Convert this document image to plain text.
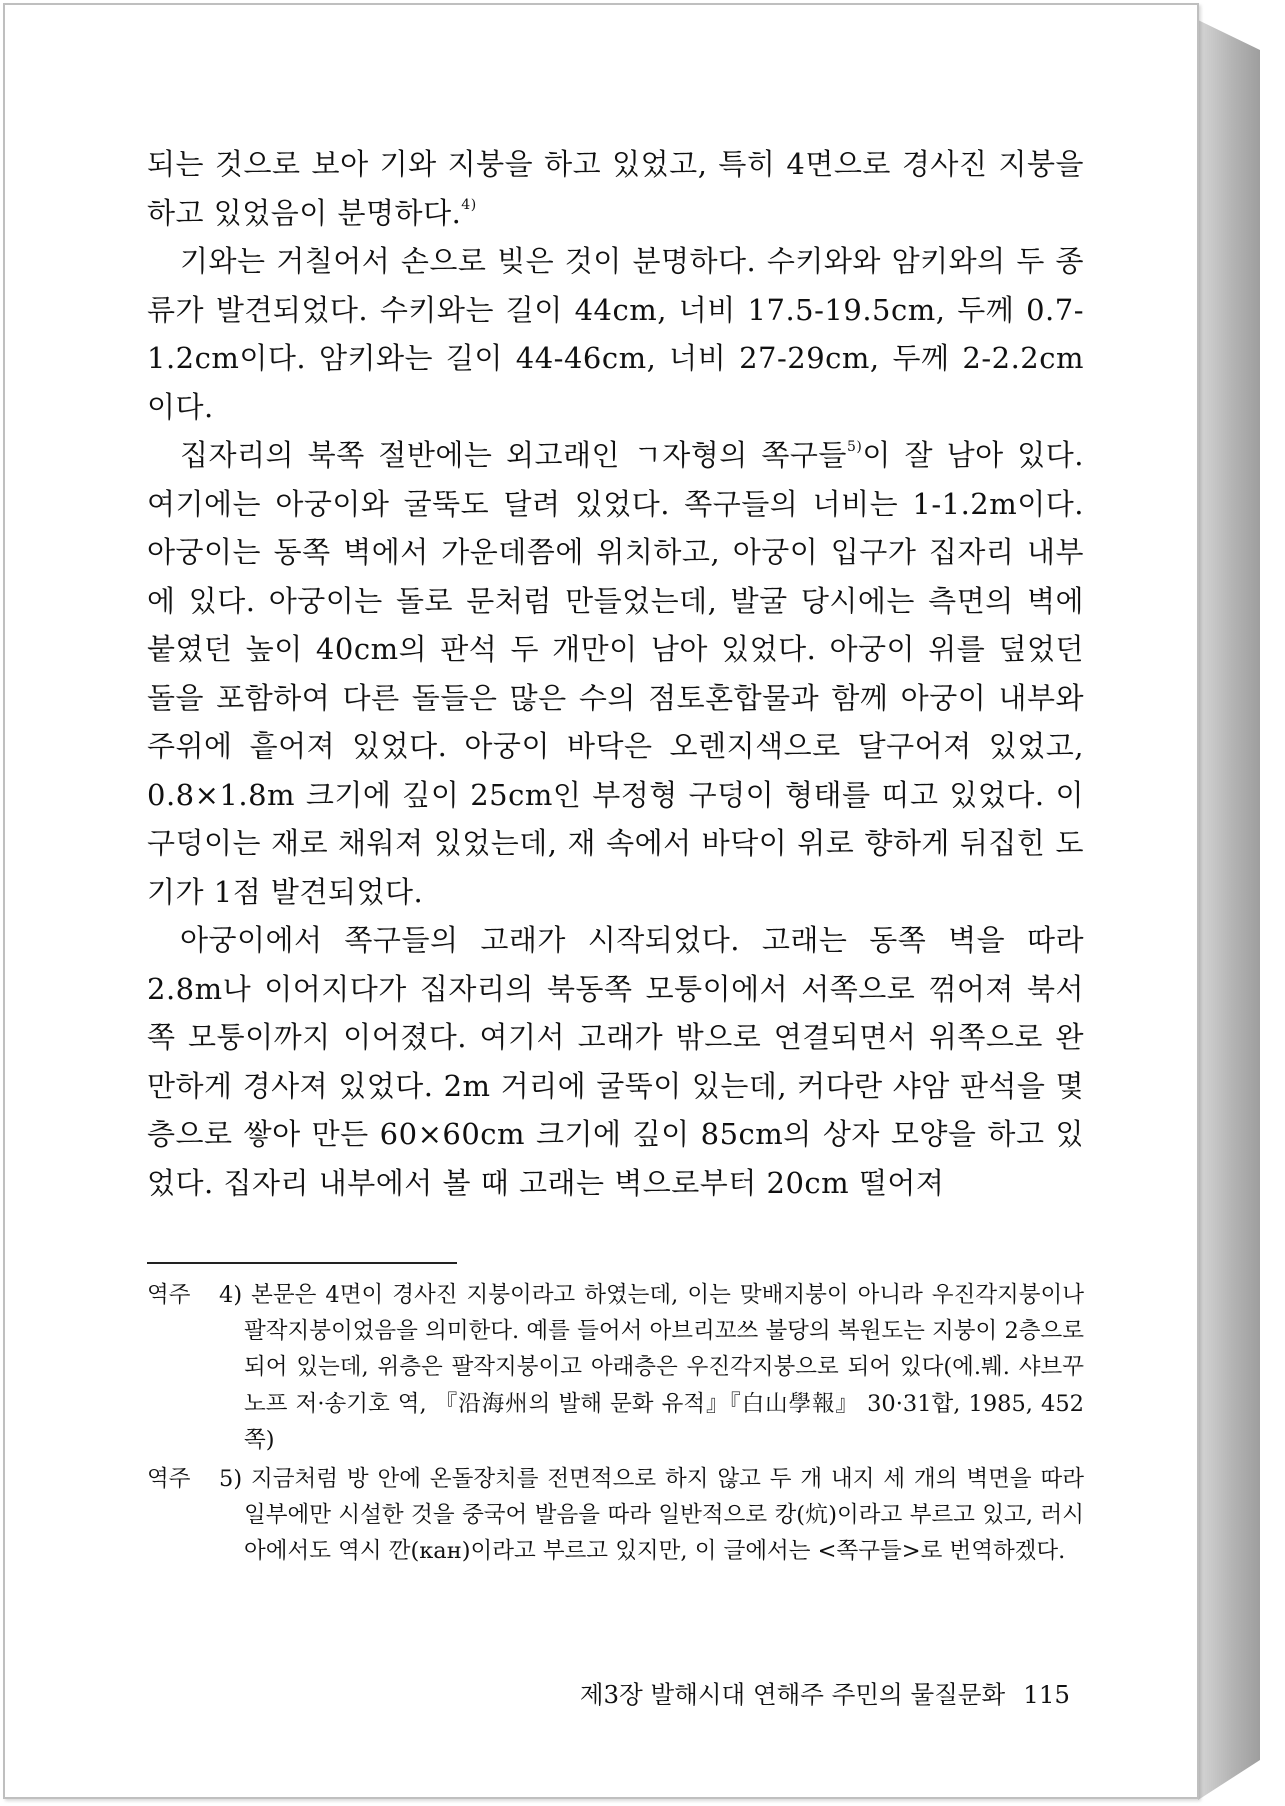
되는 것으로 보아 기와 지붕을 하고 있었고, 특히 4면으로 경사진 지붕을 하고 있었음이 분명하다.$^{4)}$

기와는 거칠어서 손으로 빚은 것이 분명하다. 수키와와 암키와의 두 종류가 발견되었다. 수키와는 길이 44cm, 너비 17.5-19.5cm, 두께 0.7-1.2cm이다. 암키와는 길이 44-46cm, 너비 27-29cm, 두께 2-2.2cm이다.

집자리의 북쪽 절반에는 외고래인 ㄱ자형의 쪽구들$^{5)}$이 잘 남아 있다. 여기에는 아궁이와 굴뚝도 달려 있었다. 쪽구들의 너비는 1-1.2m이다. 아궁이는 동쪽 벽에서 가운데쯤에 위치하고, 아궁이 입구가 집자리 내부에 있다. 아궁이는 돌로 문처럼 만들었는데, 발굴 당시에는 측면의 벽에 붙였던 높이 40cm의 판석 두 개만이 남아 있었다. 아궁이 위를 덮었던 돌을 포함하여 다른 돌들은 많은 수의 점토혼합물과 함께 아궁이 내부와 주위에 흩어져 있었다. 아궁이 바닥은 오렌지색으로 달구어져 있었고, 0.8×1.8m 크기에 깊이 25cm인 부정형 구덩이 형태를 띠고 있었다. 이 구덩이는 재로 채워져 있었는데, 재 속에서 바닥이 위로 향하게 뒤집힌 도기가 1점 발견되었다.

아궁이에서 쪽구들의 고래가 시작되었다. 고래는 동쪽 벽을 따라 2.8m나 이어지다가 집자리의 북동쪽 모퉁이에서 서쪽으로 꺾어져 북서쪽 모퉁이까지 이어졌다. 여기서 고래가 밖으로 연결되면서 위쪽으로 완만하게 경사져 있었다. 2m 거리에 굴뚝이 있는데, 커다란 샤암 판석을 몇 층으로 쌓아 만든 60×60cm 크기에 깊이 85cm의 상자 모양을 하고 있었다. 집자리 내부에서 볼 때 고래는 벽으로부터 20cm 떨어져

역주	4) 본문은 4면이 경사진 지붕이라고 하였는데, 이는 맞배지붕이 아니라 우진각지붕이나 팔작지붕이었음을 의미한다. 예를 들어서 아브리꼬쓰 불당의 복원도는 지붕이 2층으로 되어 있는데, 위층은 팔작지붕이고 아래층은 우진각지붕으로 되어 있다(에.붸. 샤브꾸노프 저·송기호 역, 『沿海州의 발해 문화 유적』『白山學報』 30·31합, 1985, 452쪽)
역주	5) 지금처럼 방 안에 온돌장치를 전면적으로 하지 않고 두 개 내지 세 개의 벽면을 따라 일부에만 시설한 것을 중국어 발음을 따라 일반적으로 캉(炕)이라고 부르고 있고, 러시아에서도 역시 깐(кан)이라고 부르고 있지만, 이 글에서는 <쪽구들>로 번역하겠다.
제3장 발해시대 연해주 주민의 물질문화 115
